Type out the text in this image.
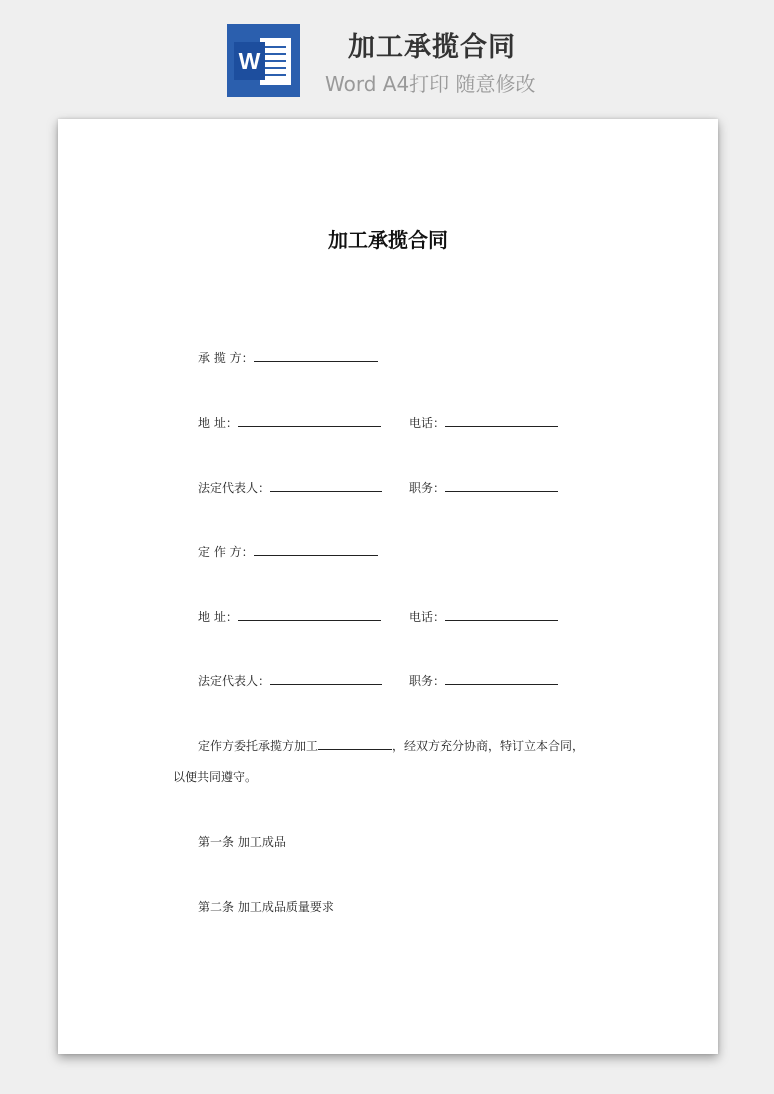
W	加工承揽合同
Word A4打印 随意修改
加工承揽合同
承 揽 方：
地 址：	电话：
法定代表人：	职务：
定 作 方：
地 址：	电话：
法定代表人：	职务：
定作方委托承揽方加工	，经双方充分协商，特订立本合同，
以便共同遵守。
第一条 加工成品
第二条 加工成品质量要求
